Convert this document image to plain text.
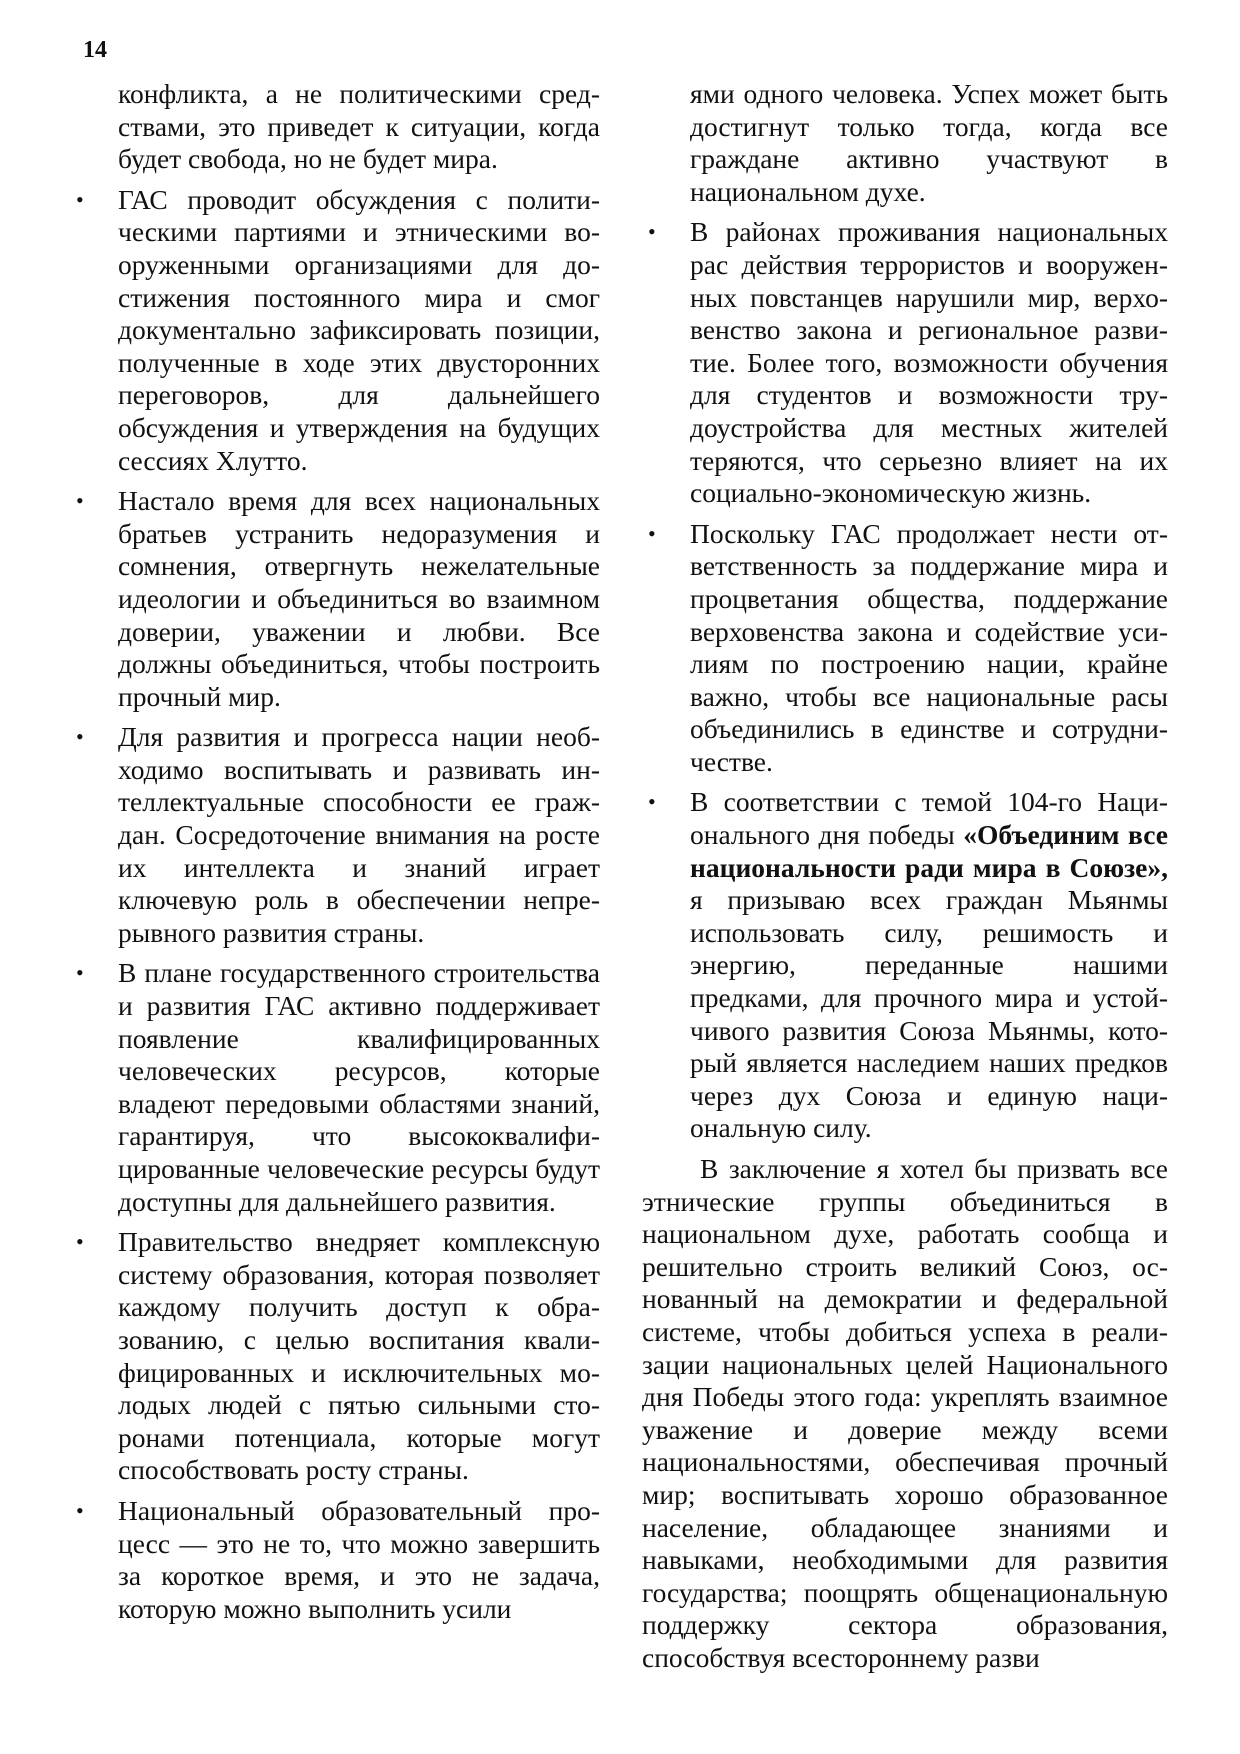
14

конфликта, а не политическими средствами, это приведет к ситуации, когда будет свобода, но не будет мира.

• ГАС проводит обсуждения с политическими партиями и этническими вооруженными организациями для достижения постоянного мира и смог документально зафиксировать позиции, полученные в ходе этих двусторонних переговоров, для дальнейшего обсуждения и утверждения на будущих сессиях Хлутто.
• Настало время для всех национальных братьев устранить недоразумения и сомнения, отвергнуть нежелательные идеологии и объединиться во взаимном доверии, уважении и любви. Все должны объединиться, чтобы построить прочный мир.
• Для развития и прогресса нации необходимо воспитывать и развивать интеллектуальные способности ее граждан. Сосредоточение внимания на росте их интеллекта и знаний играет ключевую роль в обеспечении непрерывного развития страны.
• В плане государственного строительства и развития ГАС активно поддерживает появление квалифицированных человеческих ресурсов, которые владеют передовыми областями знаний, гарантируя, что высококвалифицированные человеческие ресурсы будут доступны для дальнейшего развития.
• Правительство внедряет комплексную систему образования, которая позволяет каждому получить доступ к образованию, с целью воспитания квалифицированных и исключительных молодых людей с пятью сильными сторонами потенциала, которые могут способствовать росту страны.
• Национальный образовательный процесс — это не то, что можно завершить за короткое время, и это не задача, которую можно выполнить усили

ями одного человека. Успех может быть достигнут только тогда, когда все граждане активно участвуют в национальном духе.

• В районах проживания национальных рас действия террористов и вооруженных повстанцев нарушили мир, верховенство закона и региональное развитие. Более того, возможности обучения для студентов и возможности трудоустройства для местных жителей теряются, что серьезно влияет на их социально-экономическую жизнь.
• Поскольку ГАС продолжает нести ответственность за поддержание мира и процветания общества, поддержание верховенства закона и содействие усилиям по построению нации, крайне важно, чтобы все национальные расы объединились в единстве и сотрудничестве.
• В соответствии с темой 104-го Национального дня победы «Объединим все национальности ради мира в Союзе», я призываю всех граждан Мьянмы использовать силу, решимость и энергию, переданные нашими предками, для прочного мира и устойчивого развития Союза Мьянмы, который является наследием наших предков через дух Союза и единую национальную силу.

В заключение я хотел бы призвать все этнические группы объединиться в национальном духе, работать сообща и решительно строить великий Союз, основанный на демократии и федеральной системе, чтобы добиться успеха в реализации национальных целей Национального дня Победы этого года: укреплять взаимное уважение и доверие между всеми национальностями, обеспечивая прочный мир; воспитывать хорошо образованное население, обладающее знаниями и навыками, необходимыми для развития государства; поощрять общенациональную поддержку сектора образования, способствуя всестороннему разви
